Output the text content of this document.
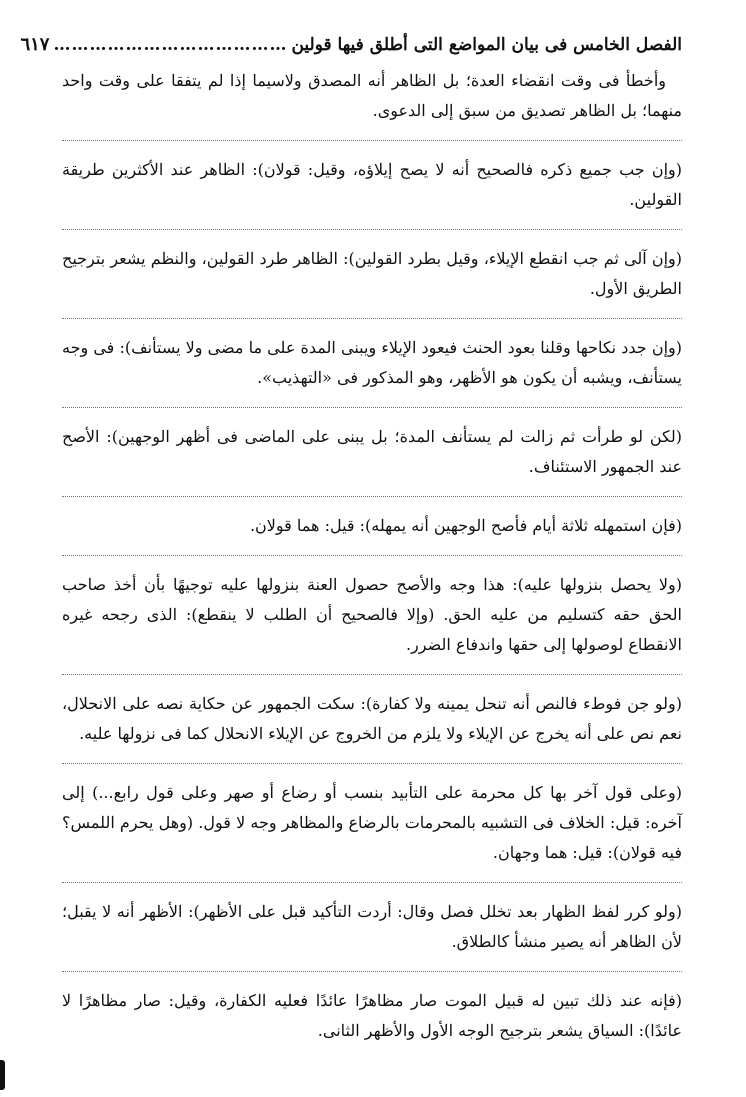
الفصل الخامس فى بيان المواضع التى أطلق فيها قولين
…………………………………
٦١٧

وأخطأ فى وقت انقضاء العدة؛ بل الظاهر أنه المصدق ولاسيما إذا لم يتفقا على وقت واحد منهما؛ بل الظاهر تصديق من سبق إلى الدعوى.

(وإن جب جميع ذكره فالصحيح أنه لا يصح إيلاؤه، وقيل: قولان): الظاهر عند الأكثرين طريقة القولين.

(وإن آلى ثم جب انقطع الإيلاء، وقيل بطرد القولين): الظاهر طرد القولين، والنظم يشعر بترجيح الطريق الأول.

(وإن جدد نكاحها وقلنا بعود الحنث فيعود الإيلاء ويبنى المدة على ما مضى ولا يستأنف): فى وجه يستأنف، ويشبه أن يكون هو الأظهر، وهو المذكور فى «التهذيب».

(لكن لو طرأت ثم زالت لم يستأنف المدة؛ بل يبنى على الماضى فى أظهر الوجهين): الأصح عند الجمهور الاستئناف.

(فإن استمهله ثلاثة أيام فأصح الوجهين أنه يمهله): قيل: هما قولان.

(ولا يحصل بنزولها عليه): هذا وجه والأصح حصول العنة بنزولها عليه توجيهًا بأن أخذ صاحب الحق حقه كتسليم من عليه الحق. (وإلا فالصحيح أن الطلب لا ينقطع): الذى رجحه غيره الانقطاع لوصولها إلى حقها واندفاع الضرر.

(ولو جن فوطء فالنص أنه تنحل يمينه ولا كفارة): سكت الجمهور عن حكاية نصه على الانحلال، نعم نص على أنه يخرج عن الإيلاء ولا يلزم من الخروج عن الإيلاء الانحلال كما فى نزولها عليه.

(وعلى قول آخر بها كل محرمة على التأبيد بنسب أو رضاع أو صهر وعلى قول رابع...) إلى آخره: قيل: الخلاف فى التشبيه بالمحرمات بالرضاع والمظاهر وجه لا قول. (وهل يحرم اللمس؟ فيه قولان): قيل: هما وجهان.

(ولو كرر لفظ الظهار بعد تخلل فصل وقال: أردت التأكيد قبل على الأظهر): الأظهر أنه لا يقبل؛ لأن الظاهر أنه يصير منشأ كالطلاق.

(فإنه عند ذلك تبين له قبيل الموت صار مظاهرًا عائدًا فعليه الكفارة، وقيل: صار مظاهرًا لا عائدًا): السياق يشعر بترجيح الوجه الأول والأظهر الثانى.
